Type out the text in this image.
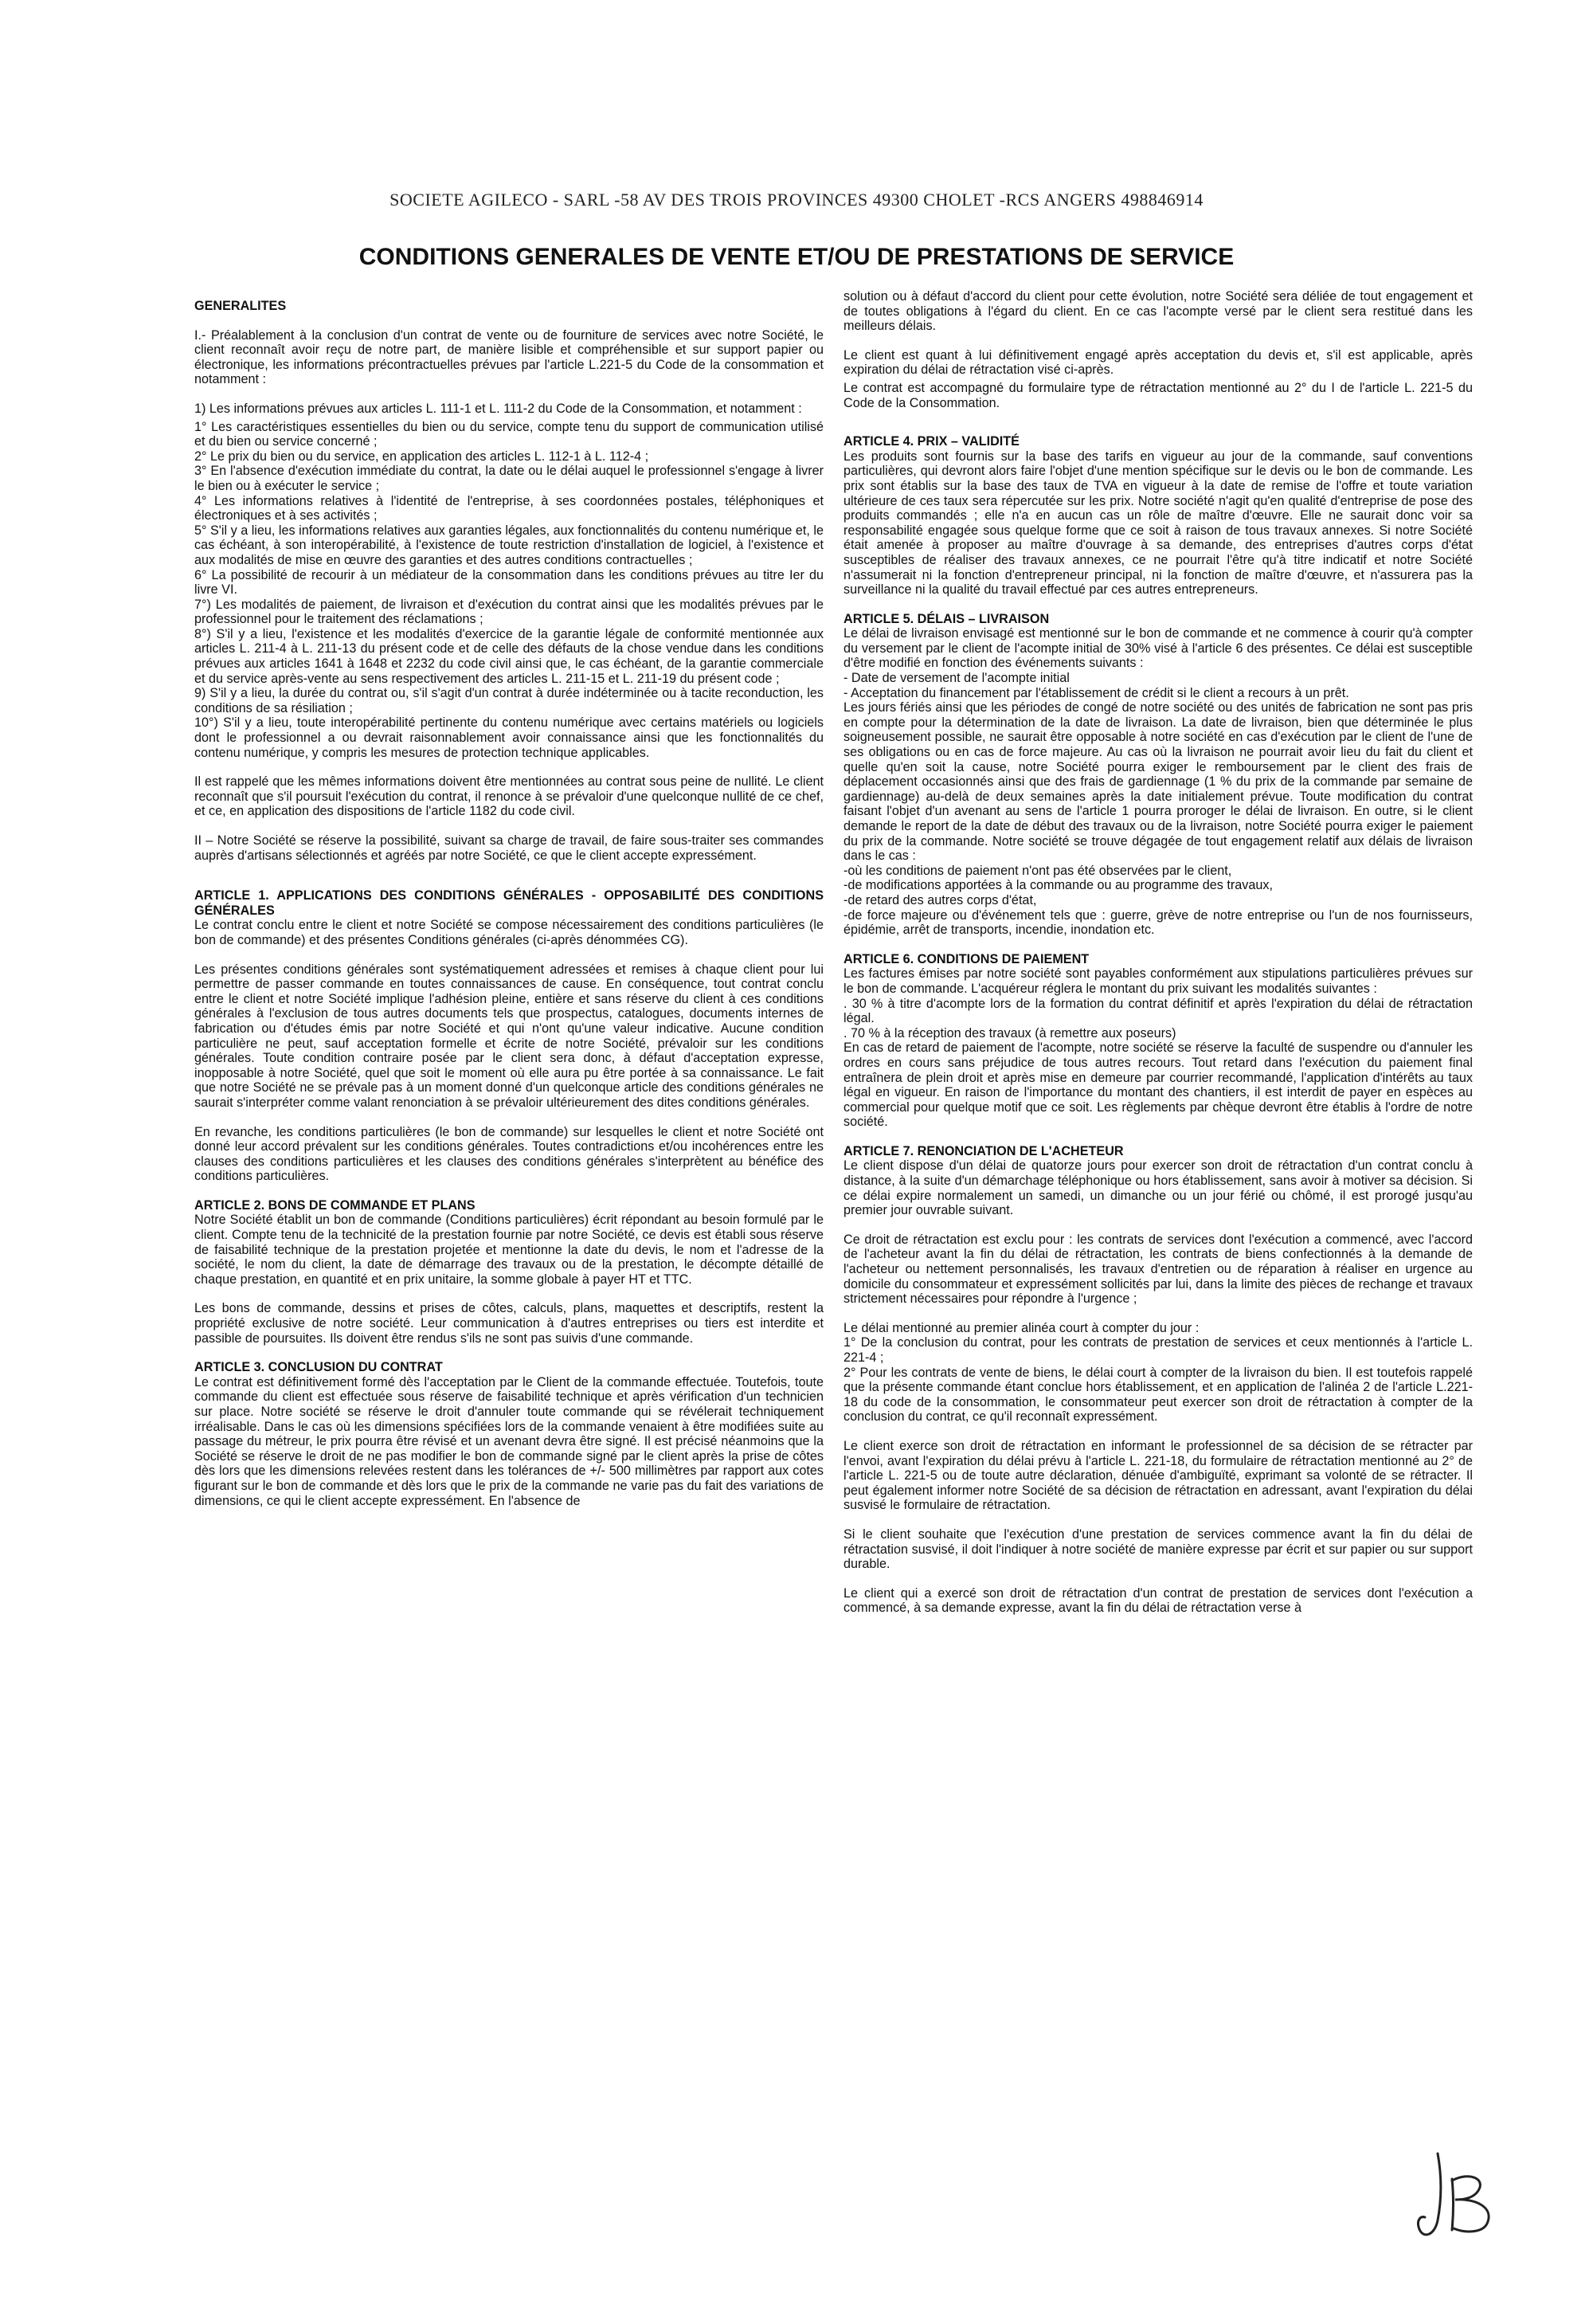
SOCIETE AGILECO - SARL -58 AV DES TROIS PROVINCES 49300 CHOLET -RCS ANGERS 498846914
CONDITIONS GENERALES DE VENTE ET/OU DE PRESTATIONS DE SERVICE
GENERALITES

I.- Préalablement à la conclusion d'un contrat de vente ou de fourniture de services avec notre Société, le client reconnaît avoir reçu de notre part, de manière lisible et compréhensible et sur support papier ou électronique, les informations précontractuelles prévues par l'article L.221-5 du Code de la consommation et notamment :

1) Les informations prévues aux articles L. 111-1 et L. 111-2 du Code de la Consommation, et notamment :

1° Les caractéristiques essentielles du bien ou du service, compte tenu du support de communication utilisé et du bien ou service concerné ;
2° Le prix du bien ou du service, en application des articles L. 112-1 à L. 112-4 ;
3° En l'absence d'exécution immédiate du contrat, la date ou le délai auquel le professionnel s'engage à livrer le bien ou à exécuter le service ;
4° Les informations relatives à l'identité de l'entreprise, à ses coordonnées postales, téléphoniques et électroniques et à ses activités ;
5° S'il y a lieu, les informations relatives aux garanties légales, aux fonctionnalités du contenu numérique et, le cas échéant, à son interopérabilité, à l'existence de toute restriction d'installation de logiciel, à l'existence et aux modalités de mise en œuvre des garanties et des autres conditions contractuelles ;
6° La possibilité de recourir à un médiateur de la consommation dans les conditions prévues au titre Ier du livre VI.
7°) Les modalités de paiement, de livraison et d'exécution du contrat ainsi que les modalités prévues par le professionnel pour le traitement des réclamations ;
8°) S'il y a lieu, l'existence et les modalités d'exercice de la garantie légale de conformité mentionnée aux articles L. 211-4 à L. 211-13 du présent code et de celle des défauts de la chose vendue dans les conditions prévues aux articles 1641 à 1648 et 2232 du code civil ainsi que, le cas échéant, de la garantie commerciale et du service après-vente au sens respectivement des articles L. 211-15 et L. 211-19 du présent code ;
9) S'il y a lieu, la durée du contrat ou, s'il s'agit d'un contrat à durée indéterminée ou à tacite reconduction, les conditions de sa résiliation ;
10°) S'il y a lieu, toute interopérabilité pertinente du contenu numérique avec certains matériels ou logiciels dont le professionnel a ou devrait raisonnablement avoir connaissance ainsi que les fonctionnalités du contenu numérique, y compris les mesures de protection technique applicables.

Il est rappelé que les mêmes informations doivent être mentionnées au contrat sous peine de nullité. Le client reconnaît que s'il poursuit l'exécution du contrat, il renonce à se prévaloir d'une quelconque nullité de ce chef, et ce, en application des dispositions de l'article 1182 du code civil.

II – Notre Société se réserve la possibilité, suivant sa charge de travail, de faire sous-traiter ses commandes auprès d'artisans sélectionnés et agréés par notre Société, ce que le client accepte expressément.

ARTICLE 1. APPLICATIONS DES CONDITIONS GÉNÉRALES - OPPOSABILITÉ DES CONDITIONS GÉNÉRALES

Le contrat conclu entre le client et notre Société se compose nécessairement des conditions particulières (le bon de commande) et des présentes Conditions générales (ci-après dénommées CG).

Les présentes conditions générales sont systématiquement adressées et remises à chaque client pour lui permettre de passer commande en toutes connaissances de cause. En conséquence, tout contrat conclu entre le client et notre Société implique l'adhésion pleine, entière et sans réserve du client à ces conditions générales à l'exclusion de tous autres documents tels que prospectus, catalogues, documents internes de fabrication ou d'études émis par notre Société et qui n'ont qu'une valeur indicative. Aucune condition particulière ne peut, sauf acceptation formelle et écrite de notre Société, prévaloir sur les conditions générales. Toute condition contraire posée par le client sera donc, à défaut d'acceptation expresse, inopposable à notre Société, quel que soit le moment où elle aura pu être portée à sa connaissance. Le fait que notre Société ne se prévale pas à un moment donné d'un quelconque article des conditions générales ne saurait s'interpréter comme valant renonciation à se prévaloir ultérieurement des dites conditions générales.

En revanche, les conditions particulières (le bon de commande) sur lesquelles le client et notre Société ont donné leur accord prévalent sur les conditions générales. Toutes contradictions et/ou incohérences entre les clauses des conditions particulières et les clauses des conditions générales s'interprètent au bénéfice des conditions particulières.

ARTICLE 2. BONS DE COMMANDE ET PLANS

Notre Société établit un bon de commande (Conditions particulières) écrit répondant au besoin formulé par le client. Compte tenu de la technicité de la prestation fournie par notre Société, ce devis est établi sous réserve de faisabilité technique de la prestation projetée et mentionne la date du devis, le nom et l'adresse de la société, le nom du client, la date de démarrage des travaux ou de la prestation, le décompte détaillé de chaque prestation, en quantité et en prix unitaire, la somme globale à payer HT et TTC.

Les bons de commande, dessins et prises de côtes, calculs, plans, maquettes et descriptifs, restent la propriété exclusive de notre société. Leur communication à d'autres entreprises ou tiers est interdite et passible de poursuites. Ils doivent être rendus s'ils ne sont pas suivis d'une commande.

ARTICLE 3. CONCLUSION DU CONTRAT

Le contrat est définitivement formé dès l'acceptation par le Client de la commande effectuée. Toutefois, toute commande du client est effectuée sous réserve de faisabilité technique et après vérification d'un technicien sur place. Notre société se réserve le droit d'annuler toute commande qui se révélerait techniquement irréalisable. Dans le cas où les dimensions spécifiées lors de la commande venaient à être modifiées suite au passage du métreur, le prix pourra être révisé et un avenant devra être signé. Il est précisé néanmoins que la Société se réserve le droit de ne pas modifier le bon de commande signé par le client après la prise de côtes dès lors que les dimensions relevées restent dans les tolérances de +/- 500 millimètres par rapport aux cotes figurant sur le bon de commande et dès lors que le prix de la commande ne varie pas du fait des variations de dimensions, ce qui le client accepte expressément. En l'absence de

solution ou à défaut d'accord du client pour cette évolution, notre Société sera déliée de tout engagement et de toutes obligations à l'égard du client. En ce cas l'acompte versé par le client sera restitué dans les meilleurs délais.

Le client est quant à lui définitivement engagé après acceptation du devis et, s'il est applicable, après expiration du délai de rétractation visé ci-après.

Le contrat est accompagné du formulaire type de rétractation mentionné au 2° du I de l'article L. 221-5 du Code de la Consommation.

ARTICLE 4. PRIX – VALIDITÉ

Les produits sont fournis sur la base des tarifs en vigueur au jour de la commande, sauf conventions particulières, qui devront alors faire l'objet d'une mention spécifique sur le devis ou le bon de commande. Les prix sont établis sur la base des taux de TVA en vigueur à la date de remise de l'offre et toute variation ultérieure de ces taux sera répercutée sur les prix. Notre société n'agit qu'en qualité d'entreprise de pose des produits commandés ; elle n'a en aucun cas un rôle de maître d'œuvre. Elle ne saurait donc voir sa responsabilité engagée sous quelque forme que ce soit à raison de tous travaux annexes. Si notre Société était amenée à proposer au maître d'ouvrage à sa demande, des entreprises d'autres corps d'état susceptibles de réaliser des travaux annexes, ce ne pourrait l'être qu'à titre indicatif et notre Société n'assumerait ni la fonction d'entrepreneur principal, ni la fonction de maître d'œuvre, et n'assurera pas la surveillance ni la qualité du travail effectué par ces autres entrepreneurs.

ARTICLE 5. DÉLAIS – LIVRAISON
Le délai de livraison envisagé est mentionné sur le bon de commande et ne commence à courir qu'à compter du versement par le client de l'acompte initial de 30% visé à l'article 6 des présentes. Ce délai est susceptible d'être modifié en fonction des événements suivants :
- Date de versement de l'acompte initial
- Acceptation du financement par l'établissement de crédit si le client a recours à un prêt.
Les jours fériés ainsi que les périodes de congé de notre société ou des unités de fabrication ne sont pas pris en compte pour la détermination de la date de livraison. La date de livraison, bien que déterminée le plus soigneusement possible, ne saurait être opposable à notre société en cas d'exécution par le client de l'une de ses obligations ou en cas de force majeure. Au cas où la livraison ne pourrait avoir lieu du fait du client et quelle qu'en soit la cause, notre Société pourra exiger le remboursement par le client des frais de déplacement occasionnés ainsi que des frais de gardiennage (1 % du prix de la commande par semaine de gardiennage) au-delà de deux semaines après la date initialement prévue. Toute modification du contrat faisant l'objet d'un avenant au sens de l'article 1 pourra proroger le délai de livraison. En outre, si le client demande le report de la date de début des travaux ou de la livraison, notre Société pourra exiger le paiement du prix de la commande. Notre société se trouve dégagée de tout engagement relatif aux délais de livraison dans le cas :
-où les conditions de paiement n'ont pas été observées par le client,
-de modifications apportées à la commande ou au programme des travaux,
-de retard des autres corps d'état,

-de force majeure ou d'événement tels que : guerre, grève de notre entreprise ou l'un de nos fournisseurs, épidémie, arrêt de transports, incendie, inondation etc.

ARTICLE 6. CONDITIONS DE PAIEMENT
Les factures émises par notre société sont payables conformément aux stipulations particulières prévues sur le bon de commande. L'acquéreur réglera le montant du prix suivant les modalités suivantes :
. 30 % à titre d'acompte lors de la formation du contrat définitif et après l'expiration du délai de rétractation légal.
. 70 % à la réception des travaux (à remettre aux poseurs)

En cas de retard de paiement de l'acompte, notre société se réserve la faculté de suspendre ou d'annuler les ordres en cours sans préjudice de tous autres recours. Tout retard dans l'exécution du paiement final entraînera de plein droit et après mise en demeure par courrier recommandé, l'application d'intérêts au taux légal en vigueur. En raison de l'importance du montant des chantiers, il est interdit de payer en espèces au commercial pour quelque motif que ce soit. Les règlements par chèque devront être établis à l'ordre de notre société.

ARTICLE 7. RENONCIATION DE L'ACHETEUR

Le client dispose d'un délai de quatorze jours pour exercer son droit de rétractation d'un contrat conclu à distance, à la suite d'un démarchage téléphonique ou hors établissement, sans avoir à motiver sa décision. Si ce délai expire normalement un samedi, un dimanche ou un jour férié ou chômé, il est prorogé jusqu'au premier jour ouvrable suivant.

Ce droit de rétractation est exclu pour : les contrats de services dont l'exécution a commencé, avec l'accord de l'acheteur avant la fin du délai de rétractation, les contrats de biens confectionnés à la demande de l'acheteur ou nettement personnalisés, les travaux d'entretien ou de réparation à réaliser en urgence au domicile du consommateur et expressément sollicités par lui, dans la limite des pièces de rechange et travaux strictement nécessaires pour répondre à l'urgence ;

Le délai mentionné au premier alinéa court à compter du jour :
1° De la conclusion du contrat, pour les contrats de prestation de services et ceux mentionnés à l'article L. 221-4 ;

2° Pour les contrats de vente de biens, le délai court à compter de la livraison du bien. Il est toutefois rappelé que la présente commande étant conclue hors établissement, et en application de l'alinéa 2 de l'article L.221-18 du code de la consommation, le consommateur peut exercer son droit de rétractation à compter de la conclusion du contrat, ce qu'il reconnaît expressément.

Le client exerce son droit de rétractation en informant le professionnel de sa décision de se rétracter par l'envoi, avant l'expiration du délai prévu à l'article L. 221-18, du formulaire de rétractation mentionné au 2° de l'article L. 221-5 ou de toute autre déclaration, dénuée d'ambiguïté, exprimant sa volonté de se rétracter. Il peut également informer notre Société de sa décision de rétractation en adressant, avant l'expiration du délai susvisé le formulaire de rétractation.

Si le client souhaite que l'exécution d'une prestation de services commence avant la fin du délai de rétractation susvisé, il doit l'indiquer à notre société de manière expresse par écrit et sur papier ou sur support durable.

Le client qui a exercé son droit de rétractation d'un contrat de prestation de services dont l'exécution a commencé, à sa demande expresse, avant la fin du délai de rétractation verse à
